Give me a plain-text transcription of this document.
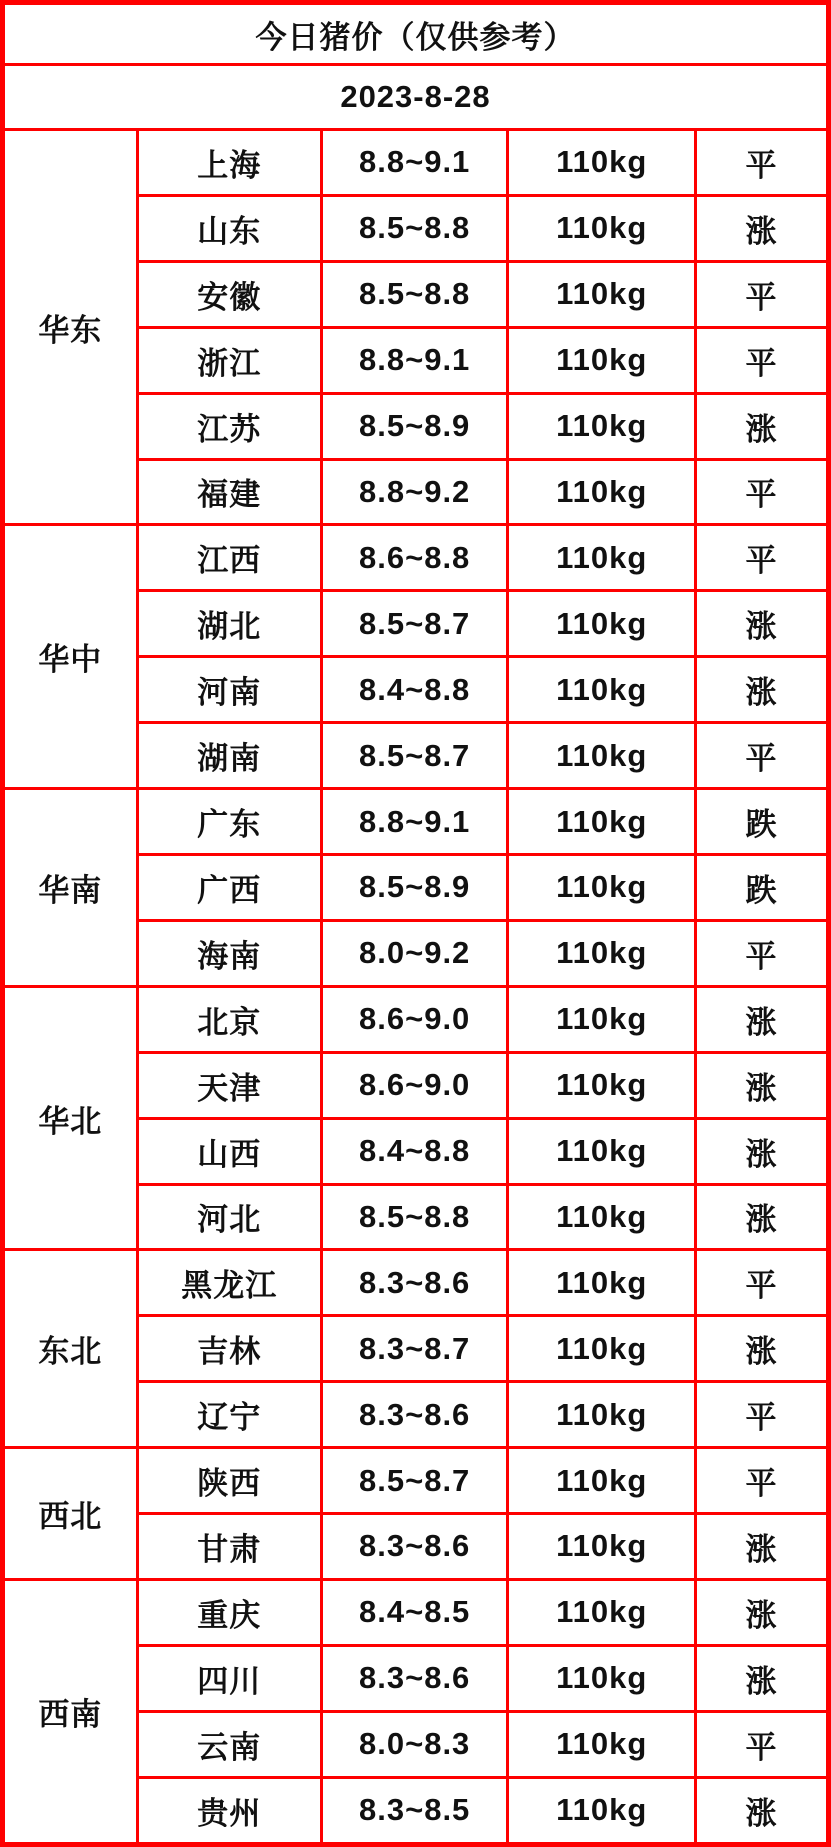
今日猪价（仅供参考）				
2023-8-28				
华东	上海	8.8~9.1	110kg	平
	山东	8.5~8.8	110kg	涨
	安徽	8.5~8.8	110kg	平
	浙江	8.8~9.1	110kg	平
	江苏	8.5~8.9	110kg	涨
	福建	8.8~9.2	110kg	平
华中	江西	8.6~8.8	110kg	平
	湖北	8.5~8.7	110kg	涨
	河南	8.4~8.8	110kg	涨
	湖南	8.5~8.7	110kg	平
华南	广东	8.8~9.1	110kg	跌
	广西	8.5~8.9	110kg	跌
	海南	8.0~9.2	110kg	平
华北	北京	8.6~9.0	110kg	涨
	天津	8.6~9.0	110kg	涨
	山西	8.4~8.8	110kg	涨
	河北	8.5~8.8	110kg	涨
东北	黑龙江	8.3~8.6	110kg	平
	吉林	8.3~8.7	110kg	涨
	辽宁	8.3~8.6	110kg	平
西北	陕西	8.5~8.7	110kg	平
	甘肃	8.3~8.6	110kg	涨
西南	重庆	8.4~8.5	110kg	涨
	四川	8.3~8.6	110kg	涨
	云南	8.0~8.3	110kg	平
	贵州	8.3~8.5	110kg	涨
